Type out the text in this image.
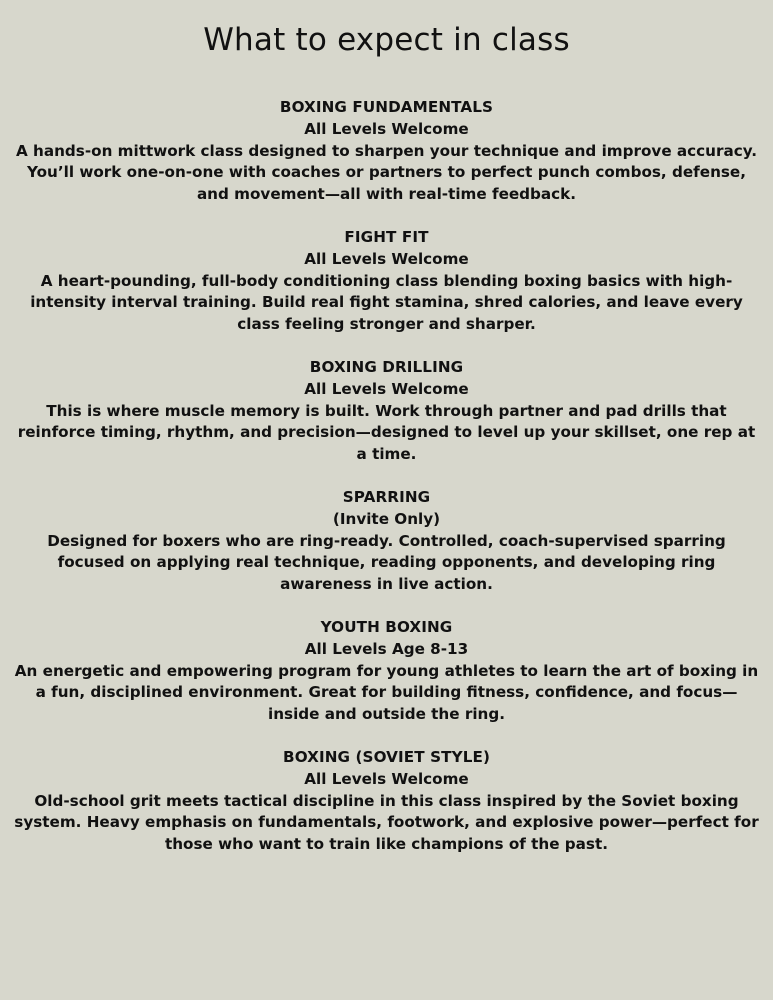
What to expect in class

BOXING FUNDAMENTALS

All Levels Welcome

A hands-on mittwork class designed to sharpen your technique and improve accuracy. You’ll work one-on-one with coaches or partners to perfect punch combos, defense, and movement—all with real-time feedback.

FIGHT FIT

All Levels Welcome

A heart-pounding, full-body conditioning class blending boxing basics with high-intensity interval training. Build real fight stamina, shred calories, and leave every class feeling stronger and sharper.

BOXING DRILLING

All Levels Welcome

This is where muscle memory is built. Work through partner and pad drills that reinforce timing, rhythm, and precision—designed to level up your skillset, one rep at a time.

SPARRING

(Invite Only)

Designed for boxers who are ring-ready. Controlled, coach-supervised sparring focused on applying real technique, reading opponents, and developing ring awareness in live action.

YOUTH BOXING

All Levels Age 8-13

An energetic and empowering program for young athletes to learn the art of boxing in a fun, disciplined environment. Great for building fitness, confidence, and focus—inside and outside the ring.

BOXING (SOVIET STYLE)

All Levels Welcome

Old-school grit meets tactical discipline in this class inspired by the Soviet boxing system. Heavy emphasis on fundamentals, footwork, and explosive power—perfect for those who want to train like champions of the past.
